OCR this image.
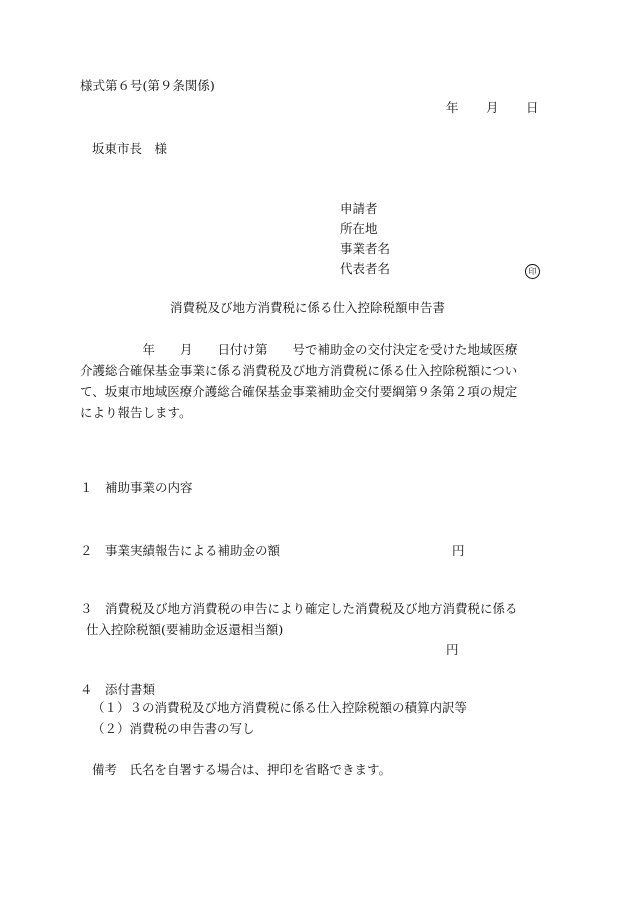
様式第６号(第９条関係)
年 月 日
坂東市長　様
申請者
所在地
事業者名
代表者名	印
消費税及び地方消費税に係る仕入控除税額申告書
　　　　　年　　月　　日付け第　　号で補助金の交付決定を受けた地域医療
介護総合確保基金事業に係る消費税及び地方消費税に係る仕入控除税額につい
て、坂東市地域医療介護総合確保基金事業補助金交付要綱第９条第２項の規定
により報告します。
１　補助事業の内容
２　事業実績報告による補助金の額	円
３　消費税及び地方消費税の申告により確定した消費税及び地方消費税に係る
仕入控除税額(要補助金返還相当額)
円
４　添付書類
（１）３の消費税及び地方消費税に係る仕入控除税額の積算内訳等
（２）消費税の申告書の写し
備考　氏名を自署する場合は、押印を省略できます。
